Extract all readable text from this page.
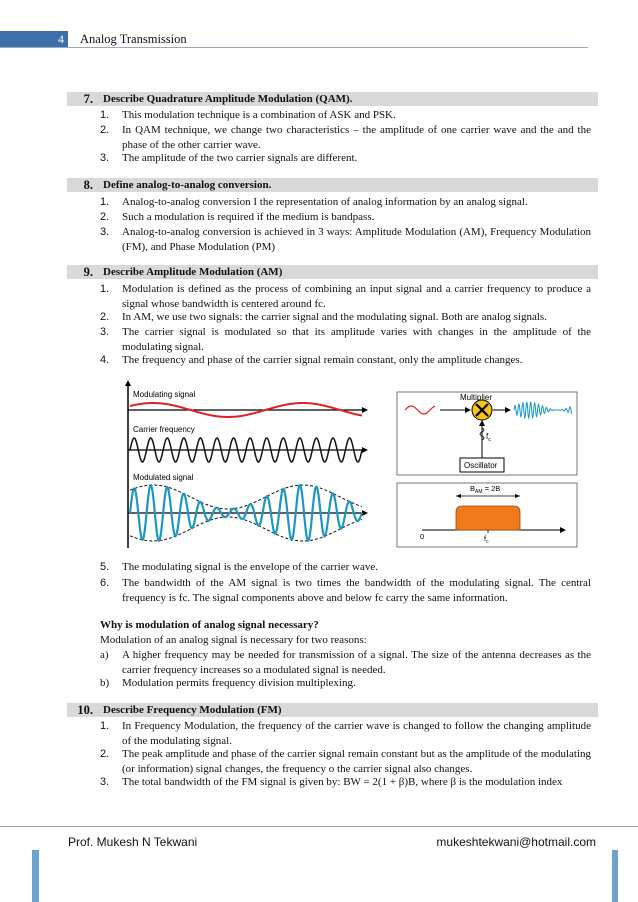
4	Analog Transmission
7. Describe Quadrature Amplitude Modulation (QAM).
1.	This modulation technique is a combination of ASK and PSK.
2.	In QAM technique, we change two characteristics – the amplitude of one carrier wave and the and the phase of the other carrier wave.
3.	The amplitude of the two carrier signals are different.
8. Define analog-to-analog conversion.
1.	Analog-to-analog conversion I the representation of analog information by an analog signal.
2.	Such a modulation is required if the medium is bandpass.
3.	Analog-to-analog conversion is achieved in 3 ways: Amplitude Modulation (AM), Frequency Modulation (FM), and Phase Modulation (PM)
9. Describe Amplitude Modulation (AM)
1.	Modulation is defined as the process of combining an input signal and a carrier frequency to produce a signal whose bandwidth is centered around fc.
2.	In AM, we use two signals: the carrier signal and the modulating signal. Both are analog signals.
3.	The carrier signal is modulated so that its amplitude varies with changes in the amplitude of the modulating signal.
4.	The frequency and phase of the carrier signal remain constant, only the amplitude changes.
Modulating signal
Carrier frequency
Modulated signal
Multiplier
$f_c$
Oscillator
0
$B_{AM} = 2B$
$f_c$
5.	The modulating signal is the envelope of the carrier wave.
6.	The bandwidth of the AM signal is two times the bandwidth of the modulating signal. The central frequency is fc. The signal components above and below fc carry the same information.
Why is modulation of analog signal necessary?
Modulation of an analog signal is necessary for two reasons:
a)	A higher frequency may be needed for transmission of a signal. The size of the antenna decreases as the carrier frequency increases so a modulated signal is needed.
b)	Modulation permits frequency division multiplexing.
10. Describe Frequency Modulation (FM)
1.	In Frequency Modulation, the frequency of the carrier wave is changed to follow the changing amplitude of the modulating signal.
2.	The peak amplitude and phase of the carrier signal remain constant but as the amplitude of the modulating (or information) signal changes, the frequency o the carrier signal also changes.
3.	The total bandwidth of the FM signal is given by: BW = 2(1 + β)B, where β is the modulation index
Prof. Mukesh N Tekwani	mukeshtekwani@hotmail.com
